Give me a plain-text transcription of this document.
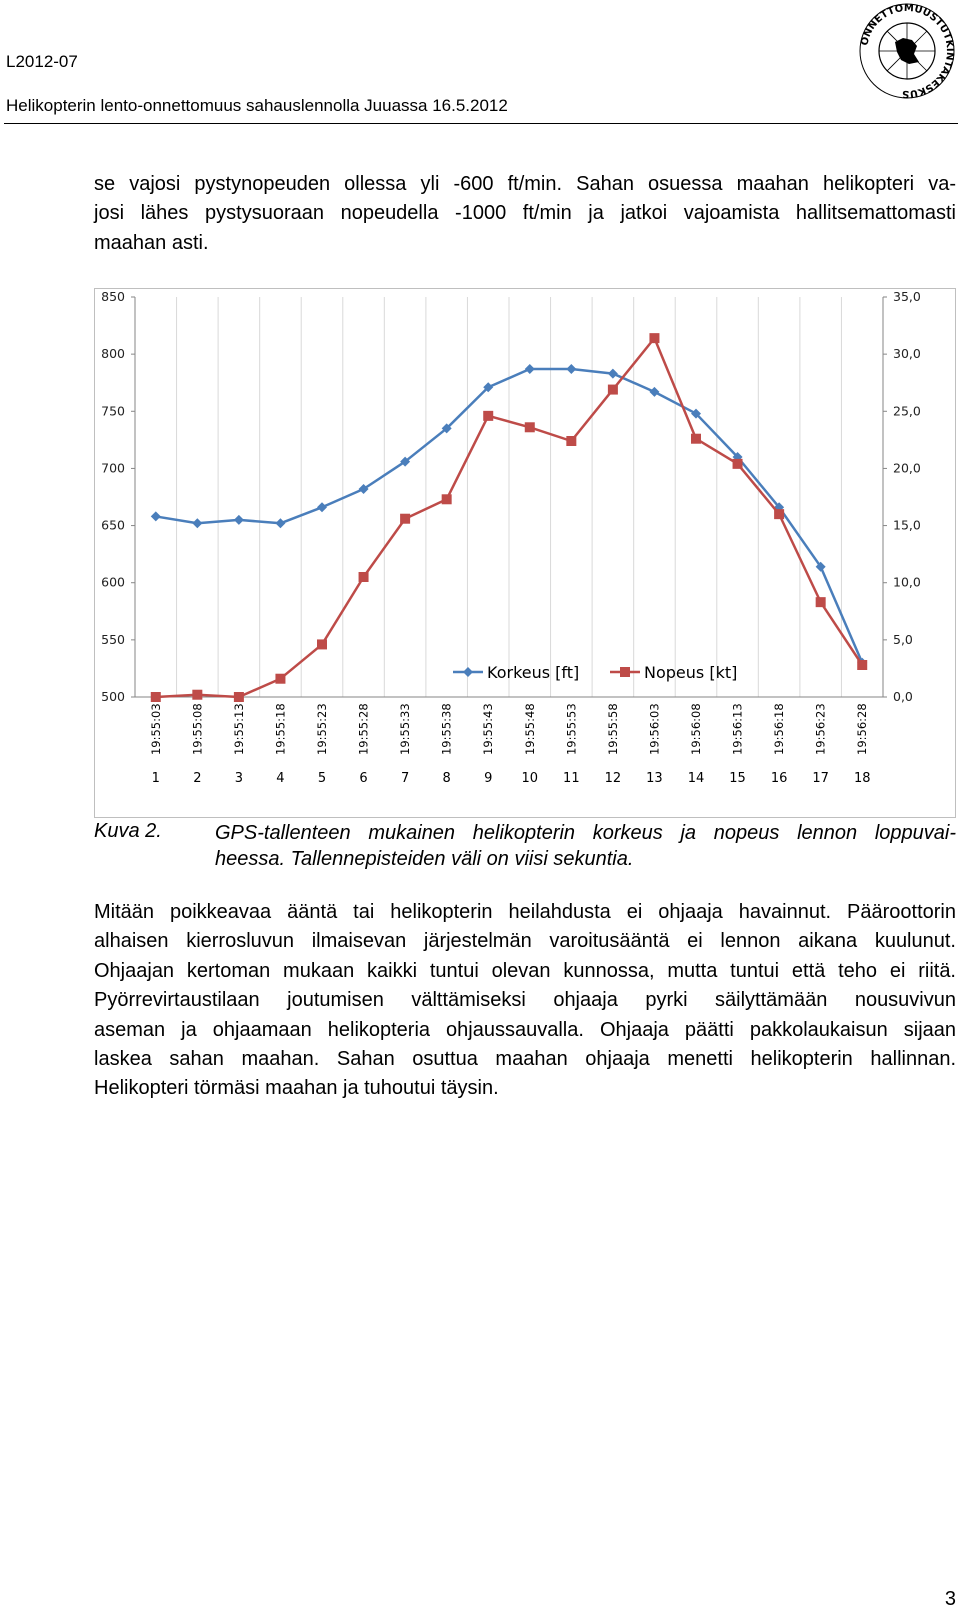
L2012-07
Helikopterin lento-onnettomuus sahauslennolla Juuassa 16.5.2012
ONNETTOMUUSTUTKINTAKESKUS
se vajosi pystynopeuden ollessa yli -600 ft/min. Sahan osuessa maahan helikopteri va-
josi lähes pystysuoraan nopeudella -1000 ft/min ja jatkoi vajoamista hallitsemattomasti
maahan asti.
850
800
750
700
650
600
550
500
35,0
30,0
25,0
20,0
15,0
10,0
5,0
0,0
19:55:03
1
19:55:08
2
19:55:13
3
19:55:18
4
19:55:23
5
19:55:28
6
19:55:33
7
19:55:38
8
19:55:43
9
19:55:48
10
19:55:53
11
19:55:58
12
19:56:03
13
19:56:08
14
19:56:13
15
19:56:18
16
19:56:23
17
19:56:28
18
Korkeus [ft]	Nopeus [kt]
Kuva 2.	GPS-tallenteen mukainen helikopterin korkeus ja nopeus lennon loppuvai-
heessa. Tallennepisteiden väli on viisi sekuntia.
Mitään poikkeavaa ääntä tai helikopterin heilahdusta ei ohjaaja havainnut. Pääroottorin
alhaisen kierrosluvun ilmaisevan järjestelmän varoitusääntä ei lennon aikana kuulunut.
Ohjaajan kertoman mukaan kaikki tuntui olevan kunnossa, mutta tuntui että teho ei riitä.
Pyörrevirtaustilaan joutumisen välttämiseksi ohjaaja pyrki säilyttämään nousuvivun
aseman ja ohjaamaan helikopteria ohjaussauvalla. Ohjaaja päätti pakkolaukaisun sijaan
laskea sahan maahan. Sahan osuttua maahan ohjaaja menetti helikopterin hallinnan.
Helikopteri törmäsi maahan ja tuhoutui täysin.
3
